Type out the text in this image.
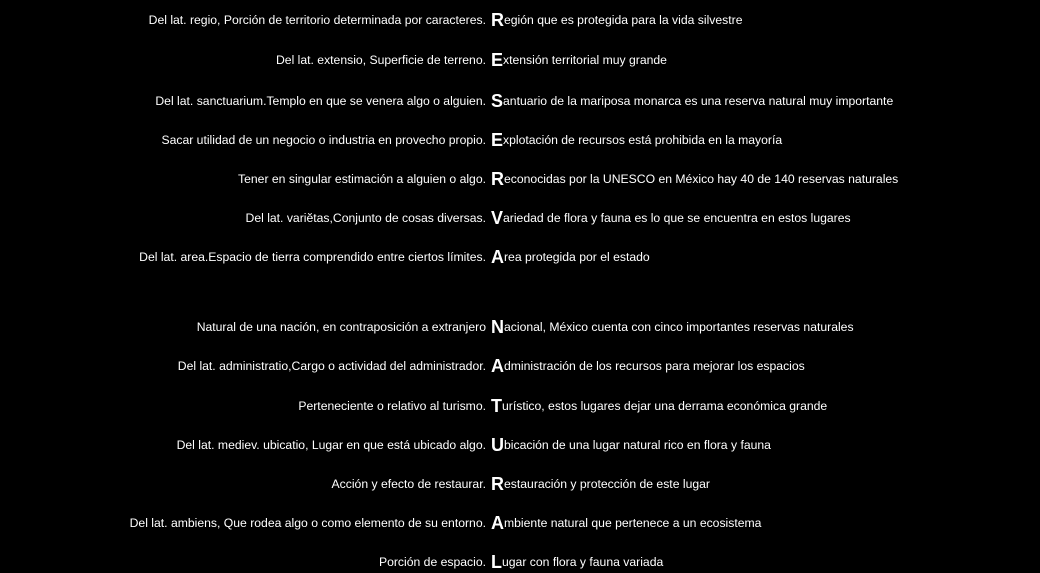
Del lat. regio, Porción de territorio determinada por caracteres. R egión que es protegida para la vida silvestre
Del lat. extensio, Superficie de terreno. E xtensión territorial muy grande
Del lat. sanctuarium.Templo en que se venera algo o alguien. S antuario de la mariposa monarca es una reserva natural muy importante
Sacar utilidad de un negocio o industria en provecho propio. E xplotación de recursos está prohibida en la mayoría
Tener en singular estimación a alguien o algo. R econocidas por la UNESCO en México hay 40 de 140 reservas naturales
Del lat. variĕtas,Conjunto de cosas diversas. V ariedad de flora y fauna es lo que se encuentra en estos lugares
Del lat. area.Espacio de tierra comprendido entre ciertos límites. A rea protegida por el estado
Natural de una nación, en contraposición a extranjero N acional, México cuenta con cinco importantes reservas naturales
Del lat. administratio,Cargo o actividad del administrador. A dministración de los recursos para mejorar los espacios
Perteneciente o relativo al turismo. T urístico, estos lugares dejar una derrama económica grande
Del lat. mediev. ubicatio, Lugar en que está ubicado algo. U bicación de una lugar natural rico en flora y fauna
Acción y efecto de restaurar. R estauración y protección de este lugar
Del lat. ambiens, Que rodea algo o como elemento de su entorno. A mbiente natural que pertenece a un ecosistema
Porción de espacio. L ugar con flora y fauna variada
